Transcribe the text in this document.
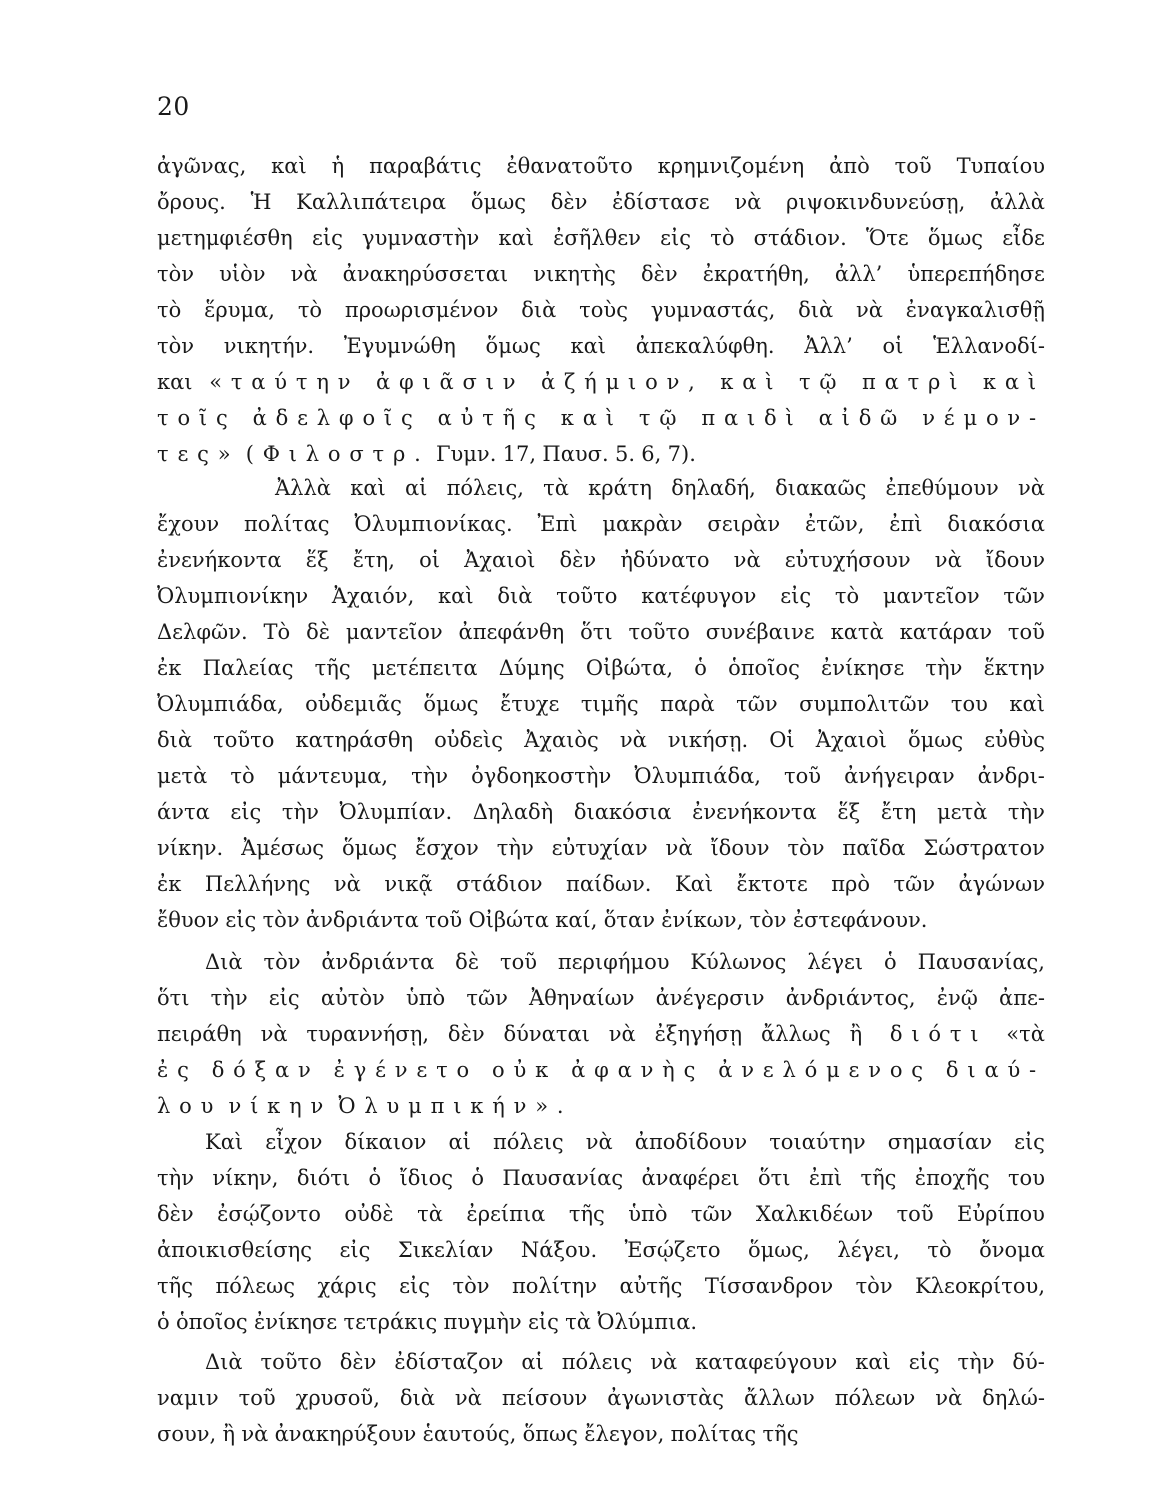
20
ἀγῶνας, καὶ ἡ παραβάτις ἐθανατοῦτο κρημνιζομένη ἀπὸ τοῦ Τυπαίου
ὄρους. Ἡ Καλλιπάτειρα ὅμως δὲν ἐδίστασε νὰ ριψοκινδυνεύσῃ, ἀλλὰ
μετημφιέσθη εἰς γυμναστὴν καὶ ἐσῆλθεν εἰς τὸ στάδιον. Ὅτε ὅμως εἶδε
τὸν υἱὸν νὰ ἀνακηρύσσεται νικητὴς δὲν ἐκρατήθη, ἀλλ’ ὑπερεπήδησε
τὸ ἕρυμα, τὸ προωρισμένον διὰ τοὺς γυμναστάς, διὰ νὰ ἐναγκαλισθῇ
τὸν νικητήν. Ἐγυμνώθη ὅμως καὶ ἀπεκαλύφθη. Ἀλλ’ οἱ Ἑλλανοδί-
και «ταύτην ἀφιᾶσιν ἀζήμιον, καὶ τῷ πατρὶ καὶ
τοῖς ἀδελφοῖς αὐτῆς καὶ τῷ παιδὶ αἰδῶ νέμον-
τες» (Φιλοστρ. Γυμν. 17, Παυσ. 5. 6, 7).
Ἀλλὰ καὶ αἱ πόλεις, τὰ κράτη δηλαδή, διακαῶς ἐπεθύμουν νὰ
ἔχουν πολίτας Ὀλυμπιονίκας. Ἐπὶ μακρὰν σειρὰν ἐτῶν, ἐπὶ διακόσια
ἐνενήκοντα ἕξ ἔτη, οἱ Ἀχαιοὶ δὲν ἠδύνατο νὰ εὐτυχήσουν νὰ ἴδουν
Ὀλυμπιονίκην Ἀχαιόν, καὶ διὰ τοῦτο κατέφυγον εἰς τὸ μαντεῖον τῶν
Δελφῶν. Τὸ δὲ μαντεῖον ἀπεφάνθη ὅτι τοῦτο συνέβαινε κατὰ κατάραν τοῦ
ἐκ Παλείας τῆς μετέπειτα Δύμης Οἰβώτα, ὁ ὁποῖος ἐνίκησε τὴν ἕκτην
Ὀλυμπιάδα, οὐδεμιᾶς ὅμως ἔτυχε τιμῆς παρὰ τῶν συμπολιτῶν του καὶ
διὰ τοῦτο κατηράσθη οὐδεὶς Ἀχαιὸς νὰ νικήσῃ. Οἱ Ἀχαιοὶ ὅμως εὐθὺς
μετὰ τὸ μάντευμα, τὴν ὀγδοηκοστὴν Ὀλυμπιάδα, τοῦ ἀνήγειραν ἀνδρι-
άντα εἰς τὴν Ὀλυμπίαν. Δηλαδὴ διακόσια ἐνενήκοντα ἕξ ἔτη μετὰ τὴν
νίκην. Ἀμέσως ὅμως ἔσχον τὴν εὐτυχίαν νὰ ἴδουν τὸν παῖδα Σώστρατον
ἐκ Πελλήνης νὰ νικᾷ στάδιον παίδων. Καὶ ἔκτοτε πρὸ τῶν ἀγώνων
ἔθυον εἰς τὸν ἀνδριάντα τοῦ Οἰβώτα καί, ὅταν ἐνίκων, τὸν ἐστεφάνουν.
Διὰ τὸν ἀνδριάντα δὲ τοῦ περιφήμου Κύλωνος λέγει ὁ Παυσανίας,
ὅτι τὴν εἰς αὐτὸν ὑπὸ τῶν Ἀθηναίων ἀνέγερσιν ἀνδριάντος, ἐνῷ ἀπε-
πειράθη νὰ τυραννήσῃ, δὲν δύναται νὰ ἐξηγήσῃ ἄλλως ἢ διότι «τὰ
ἐς δόξαν ἐγένετο οὐκ ἀφανὴς ἀνελόμενος διαύ-
λου νίκην Ὀλυμπικήν».
Καὶ εἶχον δίκαιον αἱ πόλεις νὰ ἀποδίδουν τοιαύτην σημασίαν εἰς
τὴν νίκην, διότι ὁ ἴδιος ὁ Παυσανίας ἀναφέρει ὅτι ἐπὶ τῆς ἐποχῆς του
δὲν ἐσῴζοντο οὐδὲ τὰ ἐρείπια τῆς ὑπὸ τῶν Χαλκιδέων τοῦ Εὐρίπου
ἀποικισθείσης εἰς Σικελίαν Νάξου. Ἐσῴζετο ὅμως, λέγει, τὸ ὄνομα
τῆς πόλεως χάρις εἰς τὸν πολίτην αὐτῆς Τίσσανδρον τὸν Κλεοκρίτου,
ὁ ὁποῖος ἐνίκησε τετράκις πυγμὴν εἰς τὰ Ὀλύμπια.
Διὰ τοῦτο δὲν ἐδίσταζον αἱ πόλεις νὰ καταφεύγουν καὶ εἰς τὴν δύ-
ναμιν τοῦ χρυσοῦ, διὰ νὰ πείσουν ἀγωνιστὰς ἄλλων πόλεων νὰ δηλώ-
σουν, ἢ νὰ ἀνακηρύξουν ἑαυτούς, ὅπως ἔλεγον, πολίτας τῆς
